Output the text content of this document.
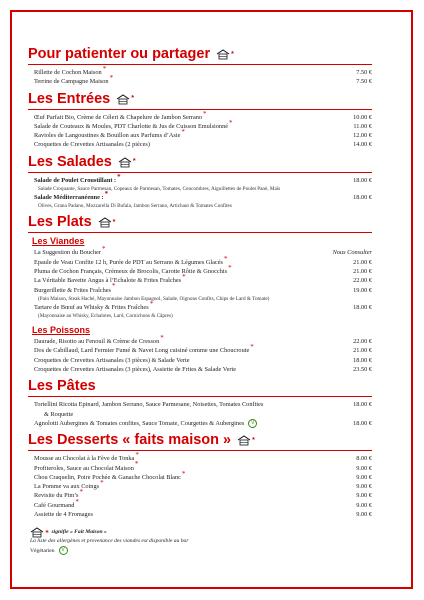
Pour patienter ou partager	*
Rillette de Cochon Maison*	7.50 €
Terrine de Campagne Maison*	7.50 €
Les Entrées	*
Œuf Parfait Bio, Crème de Céleri & Chapelure de Jambon Serrano*	10.00 €
Salade de Couteaux & Moules, PDT Charlotte & Jus de Cuisson Emulsionné*	11.00 €
Ravioles de Langoustines & Bouillon aux Parfums d’Asie*	12.00 €
Croquettes de Crevettes Artisanales (2 pièces)	14.00 €
Les Salades	*
Salade de Poulet Croustillant :*	18.00 €
Salade Croquante, Sauce Parmesan, Copeaux de Parmesan, Tomates, Concombres, Aiguillettes de Poulet Pané, Maïs
Salade Méditerranéenne :*	18.00 €
Olives, Grana Padano, Mozzarella Di Bufala, Jambon Serrano, Artichaut & Tomates Confites
Les Plats	*
Les Viandes
La Suggestion du Boucher*	Nous Consulter
Epaule de Veau Confite 12 h, Purée de PDT au Serrano & Légumes Glacés*	21.00 €
Pluma de Cochon Français, Crémeux de Brocolis, Carotte Rôtie & Gnocchis*	21.00 €
La Véritable Bavette Angus à l’Echalote & Frites Fraîches*	22.00 €
Burgerillette & Frites Fraîches*	19.00 €
(Pain Maison, Steak Haché, Mayonnaise Jambon Espagnol, Salade, Oignons Confits, Chips de Lard & Tomate)
Tartare de Bœuf au Whisky & Frites Fraîches*	18.00 €
(Mayonnaise au Whisky, Echalotes, Lard, Cornichons & Câpres)
Les Poissons
Daurade, Risotto au Fenouil & Crème de Cresson*	22.00 €
Dos de Cabillaud, Lard Fermier Fumé & Navet Long cuisiné comme une Choucroute*	21.00 €
Croquettes de Crevettes Artisanales (3 pièces) & Salade Verte	18.00 €
Croquettes de Crevettes Artisanales (3 pièces), Assiette de Frites & Salade Verte	23.50 €
Les Pâtes
Tortellini Ricotta Epinard, Jambon Serrano, Sauce Parmesane, Noisettes, Tomates Confites	18.00 €
& Roquette
Agnolotti Aubergines & Tomates confites, Sauce Tomate, Courgettes & Aubergines V	18.00 €
Les Desserts « faits maison »	*
Mousse au Chocolat à la Fève de Tonka*	8.00 €
Profiteroles, Sauce au Chocolat Maison*	9.00 €
Chou Craquelin, Poire Pochée & Ganache Chocolat Blanc*	9.00 €
La Pomme va aux Coings*	9.00 €
Revisite du Pim’s*	9.00 €
Café Gourmand*	9.00 €
Assiette de 4 Fromages	9.00 €
* signifie « Fait Maison »
La liste des allergènes et provenance des viandes est disponible au bar
Végétarien V
